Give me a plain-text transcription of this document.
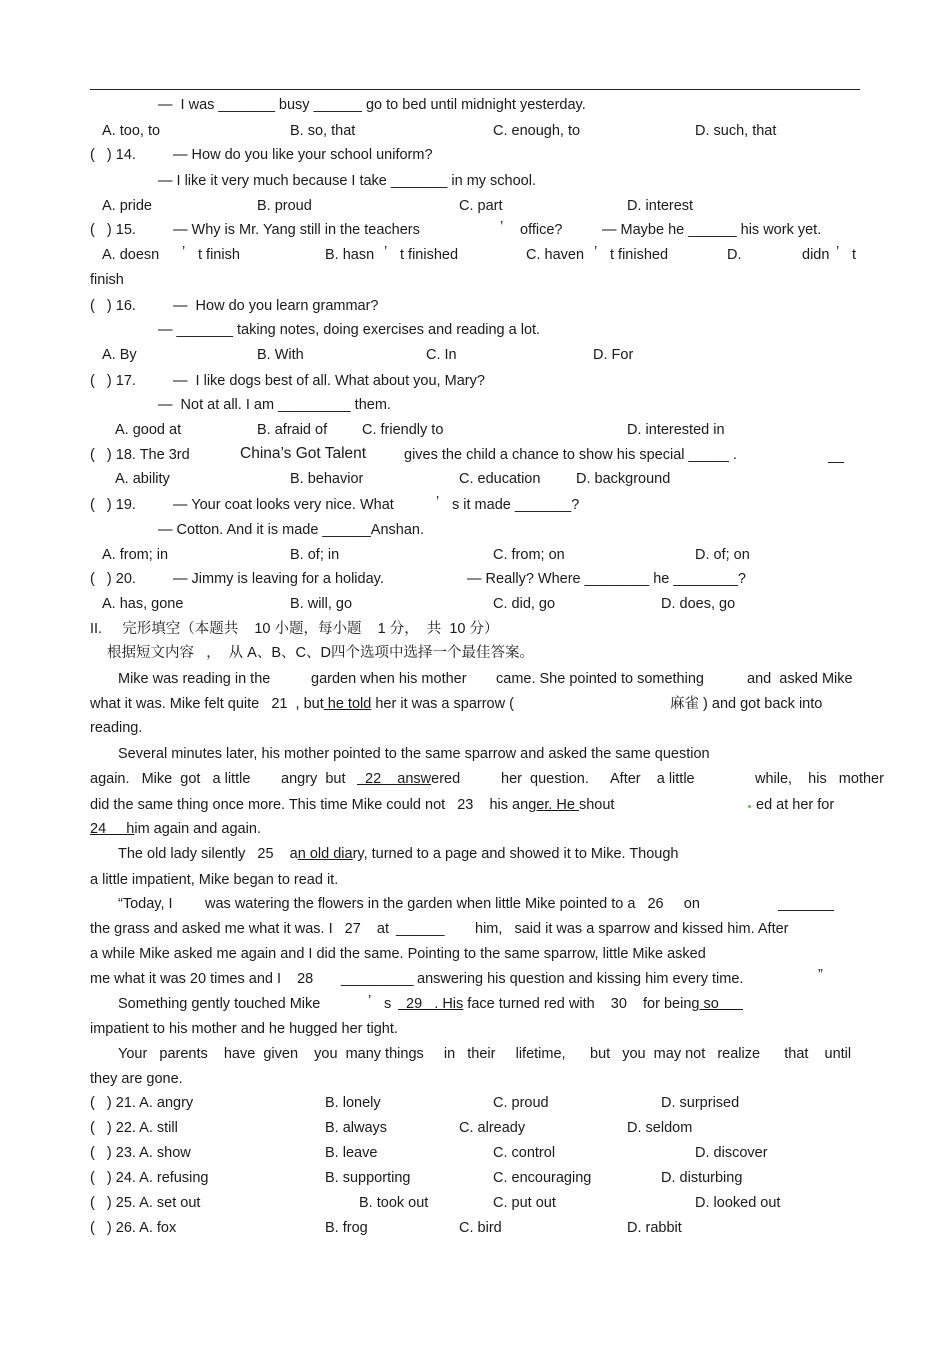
—  I was _______ busy ______ go to bed until midnight yesterday.
A. too, to	B. so, that	C. enough, to	D. such, that
(   ) 14.	— How do you like your school uniform?
— I like it very much because I take _______ in my school.
A. pride	B. proud	C. part	D. interest
(   ) 15.	— Why is Mr. Yang still in the teachers	’ office?	— Maybe he ______ his work yet.
A. doesn ’ t finish	B. hasn ’ t finished	C. haven ’ t finished	D.	didn ’ t
finish
(   ) 16.	—  How do you learn grammar?
— _______ taking notes, doing exercises and reading a lot.
A. By	B. With	C. In	D. For
(   ) 17.	—  I like dogs best of all. What about you, Mary?
—  Not at all. I am _________ them.
A. good at	B. afraid of C. friendly to	D. interested in
(   ) 18. The 3rd	China’s Got Talent	gives the child a chance to show his special _____ .
A. ability	B. behavior	C. education D. background
(   ) 19.	— Your coat looks very nice. What	’ s it made _______?
— Cotton. And it is made ______Anshan.
A. from; in	B. of; in	C. from; on	D. of; on
(   ) 20.	— Jimmy is leaving for a holiday.	— Really? Where ________ he ________?
A. has, gone	B. will, go	C. did, go	D. does, go
II.     完形填空（本题共    10 小题，每小题    1 分，  共  10 分）
根据短文内容   ，  从 A、B、C、D四个选项中选择一个最佳答案。
Mike was reading in the	garden when his mother came. She pointed to something	and  asked Mike
what it was. Mike felt quite   21  , but he told her it was a sparrow (	麻雀 ) and got back into
reading.
Several minutes later, his mother pointed to the same sparrow and asked the same question
again.   Mike  got   a little angry  but 22    answered	her  question. After    a little	while,    his   mother
did the same thing once more. This time Mike could not   23    his anger. He shout	ed at her for
24     him again and again.
The old lady silently   25    an old diary, turned to a page and showed it to Mike. Though
a little impatient, Mike began to read it.
“Today, I was watering the flowers in the garden when little Mike pointed to a   26     on
the grass and asked me what it was. I   27    at ______ him,   said it was a sparrow and kissed him. After
a while Mike asked me again and I did the same. Pointing to the same sparrow, little Mike asked
me what it was 20 times and I    28 _________ answering his question and kissing him every time.	”
Something gently touched Mike	’ s 29   . His face turned red with    30    for being so
impatient to his mother and he hugged her tight.
Your   parents    have  given    you  many things     in   their     lifetime, but   you  may not   realize      that    until
they are gone.
(   ) 21. A. angry	B. lonely	C. proud	D. surprised
(   ) 22. A. still	B. always	C. already	D. seldom
(   ) 23. A. show	B. leave	C. control	D. discover
(   ) 24. A. refusing	B. supporting	C. encouraging	D. disturbing
(   ) 25. A. set out	B. took out	C. put out	D. looked out
(   ) 26. A. fox	B. frog	C. bird	D. rabbit
